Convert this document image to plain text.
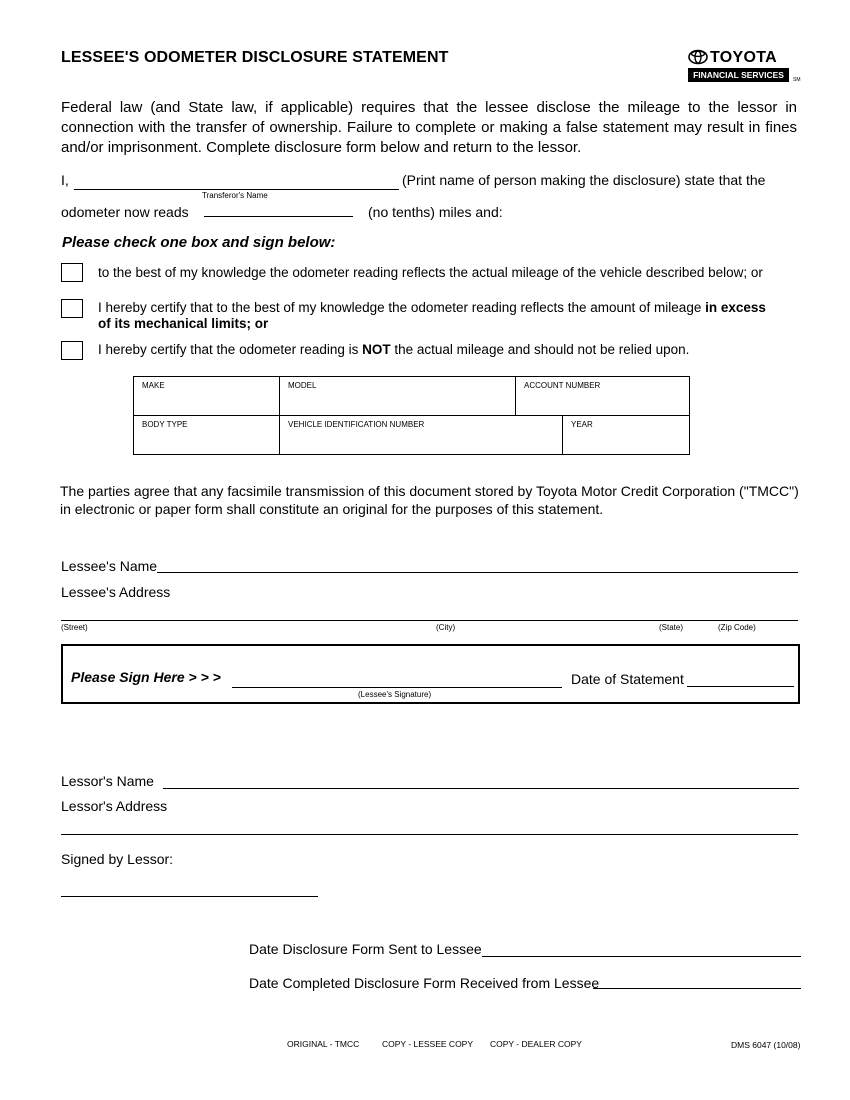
LESSEE'S ODOMETER DISCLOSURE STATEMENT	TOYOTA
FINANCIAL SERVICES	SM
Federal law (and State law, if applicable) requires that the lessee disclose the mileage to the lessor in connection with the transfer of ownership. Failure to complete or making a false statement may result in fines and/or imprisonment. Complete disclosure form below and return to the lessor.
I,	(Print name of person making the disclosure) state that the
Transferor's Name
odometer now reads	(no tenths) miles and:
Please check one box and sign below:
to the best of my knowledge the odometer reading reflects the actual mileage of the vehicle described below; or
I hereby certify that to the best of my knowledge the odometer reading reflects the amount of mileage in excess
of its mechanical limits; or
I hereby certify that the odometer reading is NOT the actual mileage and should not be relied upon.
MAKE	MODEL	ACCOUNT NUMBER
BODY TYPE	VEHICLE IDENTIFICATION NUMBER	YEAR
The parties agree that any facsimile transmission of this document stored by Toyota Motor Credit Corporation ("TMCC") in electronic or paper form shall constitute an original for the purposes of this statement.
Lessee's Name
Lessee's Address
(Street)	(City)	(State)	(Zip Code)
Please Sign Here > > >
(Lessee's Signature)
Date of Statement
Lessor's Name
Lessor's Address
Signed by Lessor:
Date Disclosure Form Sent to Lessee
Date Completed Disclosure Form Received from Lessee
ORIGINAL - TMCC	COPY - LESSEE COPY COPY - DEALER COPY	DMS 6047 (10/08)
